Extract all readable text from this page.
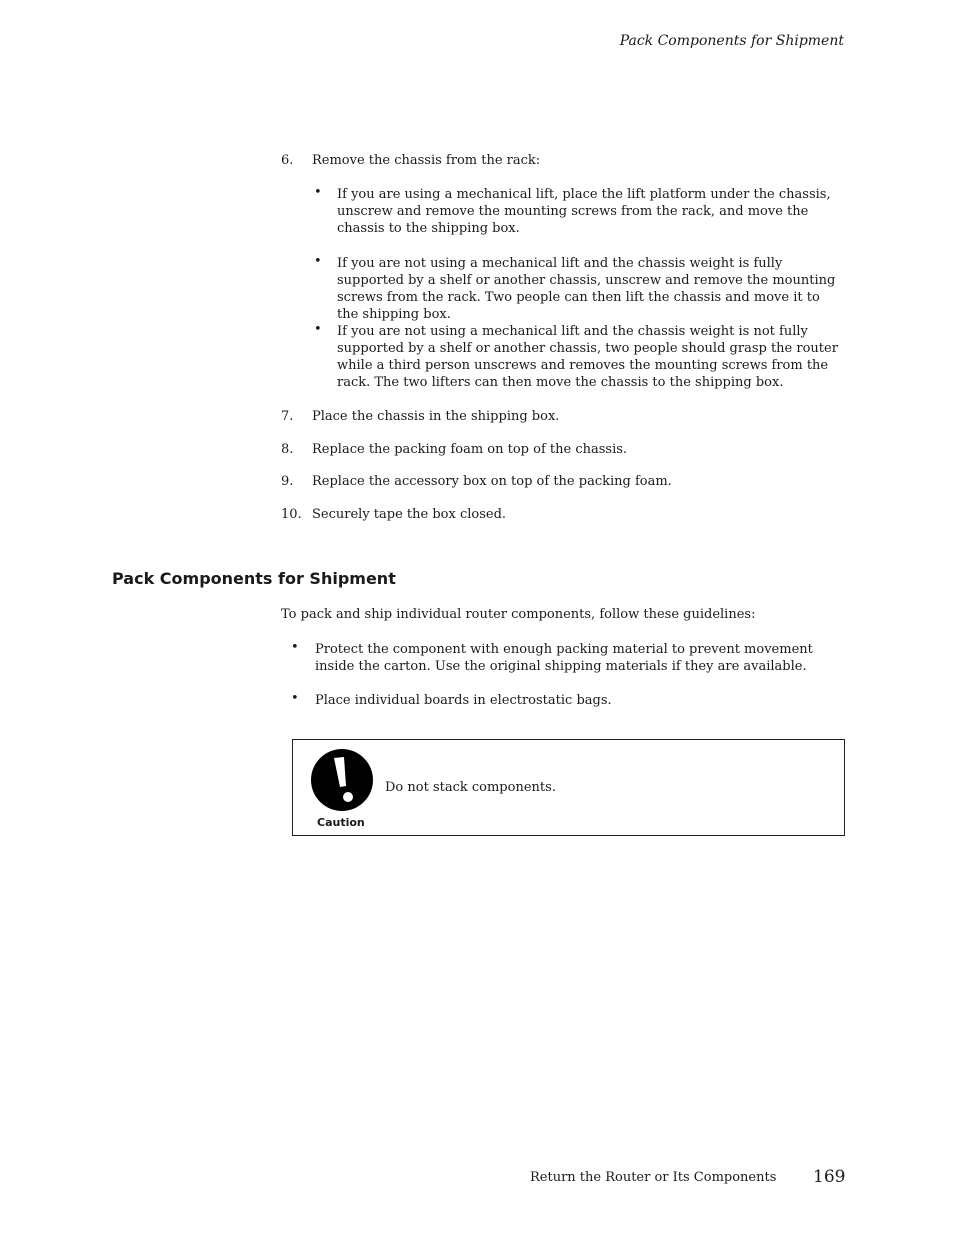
Pack Components for Shipment
6. Remove the chassis from the rack:
• If you are using a mechanical lift, place the lift platform under the chassis, unscrew and remove the mounting screws from the rack, and move the chassis to the shipping box.
• If you are not using a mechanical lift and the chassis weight is fully supported by a shelf or another chassis, unscrew and remove the mounting screws from the rack. Two people can then lift the chassis and move it to the shipping box.
• If you are not using a mechanical lift and the chassis weight is not fully supported by a shelf or another chassis, two people should grasp the router while a third person unscrews and removes the mounting screws from the rack. The two lifters can then move the chassis to the shipping box.
7. Place the chassis in the shipping box.
8. Replace the packing foam on top of the chassis.
9. Replace the accessory box on top of the packing foam.
10. Securely tape the box closed.
Pack Components for Shipment
To pack and ship individual router components, follow these guidelines:
• Protect the component with enough packing material to prevent movement inside the carton. Use the original shipping materials if they are available.
• Place individual boards in electrostatic bags.
Caution
Do not stack components.
Return the Router or Its Components 169
